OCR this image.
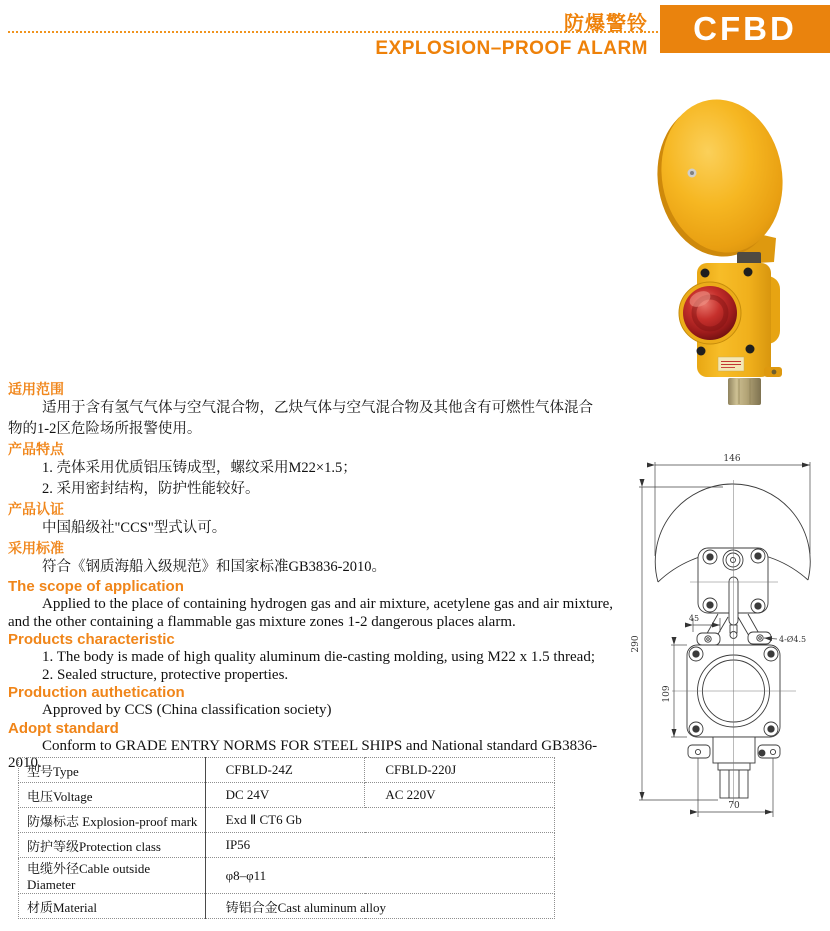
防爆警铃
EXPLOSION–PROOF ALARM
CFBD

适用范围

适用于含有氢气气体与空气混合物，乙炔气体与空气混合物及其他含有可燃性气体混合

物的1-2区危险场所报警使用。

产品特点

1. 壳体采用优质铝压铸成型，螺纹采用M22×1.5；

2. 采用密封结构，防护性能较好。

产品认证

中国船级社"CCS"型式认可。

采用标准

符合《钢质海船入级规范》和国家标准GB3836-2010。

The scope of application

Applied to the place of containing hydrogen gas and air mixture, acetylene gas and air mixture,

and the other containing a flammable gas mixture zones 1-2 dangerous places alarm.

Products characteristic

1. The body is made of high quality aluminum die-casting molding, using M22 x 1.5 thread;

2. Sealed structure, protective properties.

Production authetication

Approved by CCS (China classification society)

Adopt standard

Conform to GRADE ENTRY NORMS FOR STEEL SHIPS and National standard GB3836-2010.

型号Type	CFBLD-24Z	CFBLD-220J
电压Voltage	DC 24V	AC 220V
防爆标志 Explosion-proof mark	Exd Ⅱ CT6 Gb	
防护等级Protection class	IP56	
电缆外径Cable outside Diameter	φ8–φ11	
材质Material	铸铝合金Cast aluminum alloy	
146
290
45
4-Ø4.5
109
70
